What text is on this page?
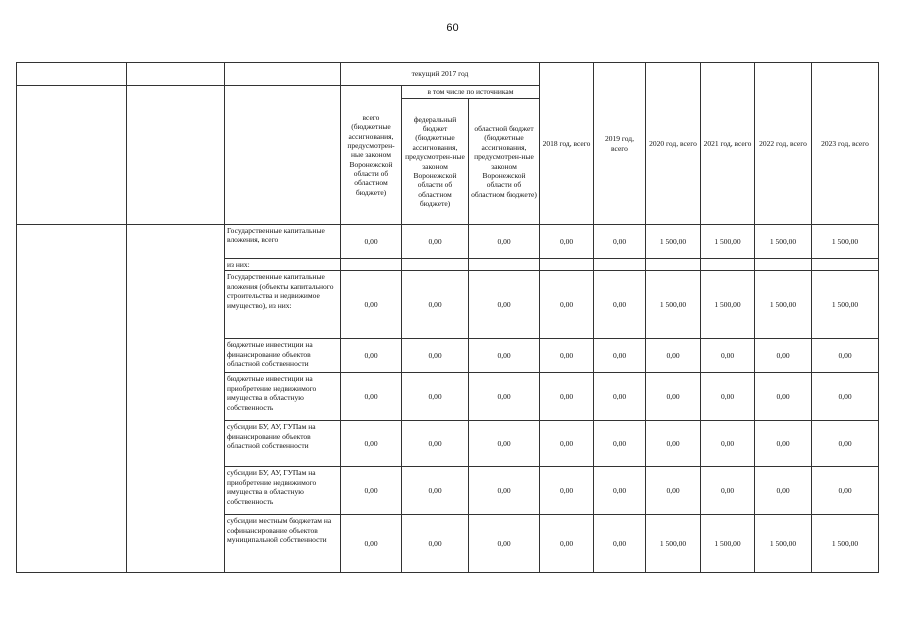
60
			текущий 2017 год			2018 год, всего	2019 год, всего	2020 год, всего	2021 год, всего	2022 год, всего	2023 год, всего
			всего (бюджетные ассигнования, предусмотрен-ные законом Воронежской области об областном бюджете)	в том числе по источникам							
				федеральный бюджет (бюджетные ассигнования, предусмотрен-ные законом Воронежской области об областном бюджете)	областной бюджет (бюджетные ассигнования, предусмотрен-ные законом Воронежской области об областном бюджете)						
		Государственные капитальные вложения, всего	0,00	0,00	0,00	0,00	0,00	1 500,00	1 500,00	1 500,00	1 500,00
		из них:									
		Государственные капитальные вложения (объекты капитального строительства и недвижимое имущество), из них:	0,00	0,00	0,00	0,00	0,00	1 500,00	1 500,00	1 500,00	1 500,00
		бюджетные инвестиции на финансирование объектов областной собственности	0,00	0,00	0,00	0,00	0,00	0,00	0,00	0,00	0,00
		бюджетные инвестиции на приобретение недвижимого имущества в областную собственность	0,00	0,00	0,00	0,00	0,00	0,00	0,00	0,00	0,00
		субсидии БУ, АУ, ГУПам на финансирование объектов областной собственности	0,00	0,00	0,00	0,00	0,00	0,00	0,00	0,00	0,00
		субсидии БУ, АУ, ГУПам на приобретение недвижимого имущества в областную собственность	0,00	0,00	0,00	0,00	0,00	0,00	0,00	0,00	0,00
		субсидии местным бюджетам на софинансирование объектов муниципальной собственности	0,00	0,00	0,00	0,00	0,00	1 500,00	1 500,00	1 500,00	1 500,00
